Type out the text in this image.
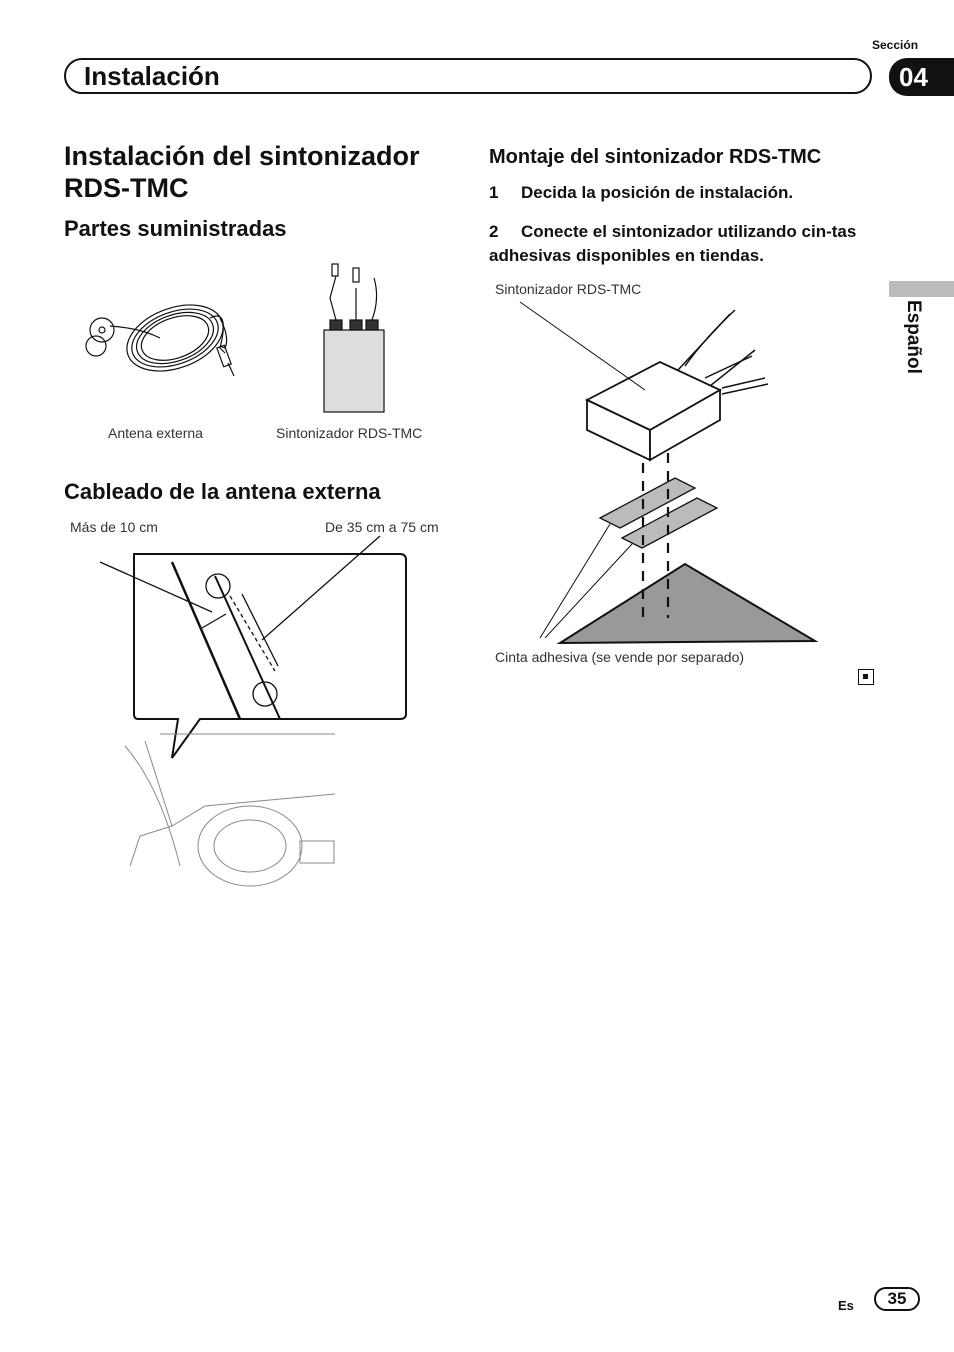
Sección
Instalación	04
Español
Instalación del sintonizador RDS-TMC
Partes suministradas
Antena externa	Sintonizador RDS-TMC
Cableado de la antena externa
Más de 10 cm	De 35 cm a 75 cm
Montaje del sintonizador RDS-TMC
1 Decida la posición de instalación.
2 Conecte el sintonizador utilizando cin-tas adhesivas disponibles en tiendas.
Sintonizador RDS-TMC
Cinta adhesiva (se vende por separado)
Es	35
